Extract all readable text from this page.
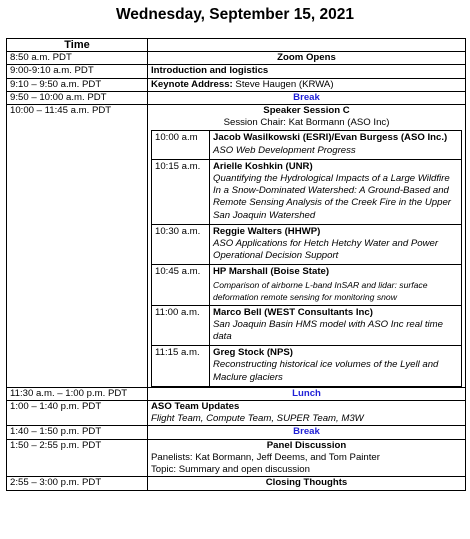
Wednesday, September 15, 2021
Time	
8:50 a.m. PDT	Zoom Opens
9:00-9:10 a.m. PDT	Introduction and logistics
9:10 – 9:50 a.m. PDT	Keynote Address: Steve Haugen (KRWA)
9:50 – 10:00 a.m. PDT	Break
10:00 – 11:45 a.m. PDT	Speaker Session C
Session Chair: Kat Bormann (ASO Inc)
10:00 a.m	Jacob Wasilkowski (ESRI)/Evan Burgess (ASO Inc.)
ASO Web Development Progress

10:15 a.m.	Arielle Koshkin (UNR)
Quantifying the Hydrological Impacts of a Large Wildfire In a Snow-Dominated Watershed: A Ground-Based and Remote Sensing Analysis of the Creek Fire in the Upper San Joaquin Watershed

10:30 a.m.	Reggie Walters (HHWP)
ASO Applications for Hetch Hetchy Water and Power Operational Decision Support

10:45 a.m.	HP Marshall (Boise State)
Comparison of airborne L-band InSAR and lidar: surface deformation remote sensing for monitoring snow

11:00 a.m.	Marco Bell (WEST Consultants Inc)
San Joaquin Basin HMS model with ASO Inc real time data

11:15 a.m.	Greg Stock (NPS)
Reconstructing historical ice volumes of the Lyell and Maclure glaciers

11:30 a.m. – 1:00 p.m. PDT	Lunch
1:00 – 1:40 p.m. PDT	ASO Team Updates
Flight Team, Compute Team, SUPER Team, M3W

1:40 – 1:50 p.m. PDT	Break
1:50 – 2:55 p.m. PDT	Panel Discussion
Panelists: Kat Bormann, Jeff Deems, and Tom Painter
Topic: Summary and open discussion

2:55 – 3:00 p.m. PDT	Closing Thoughts
